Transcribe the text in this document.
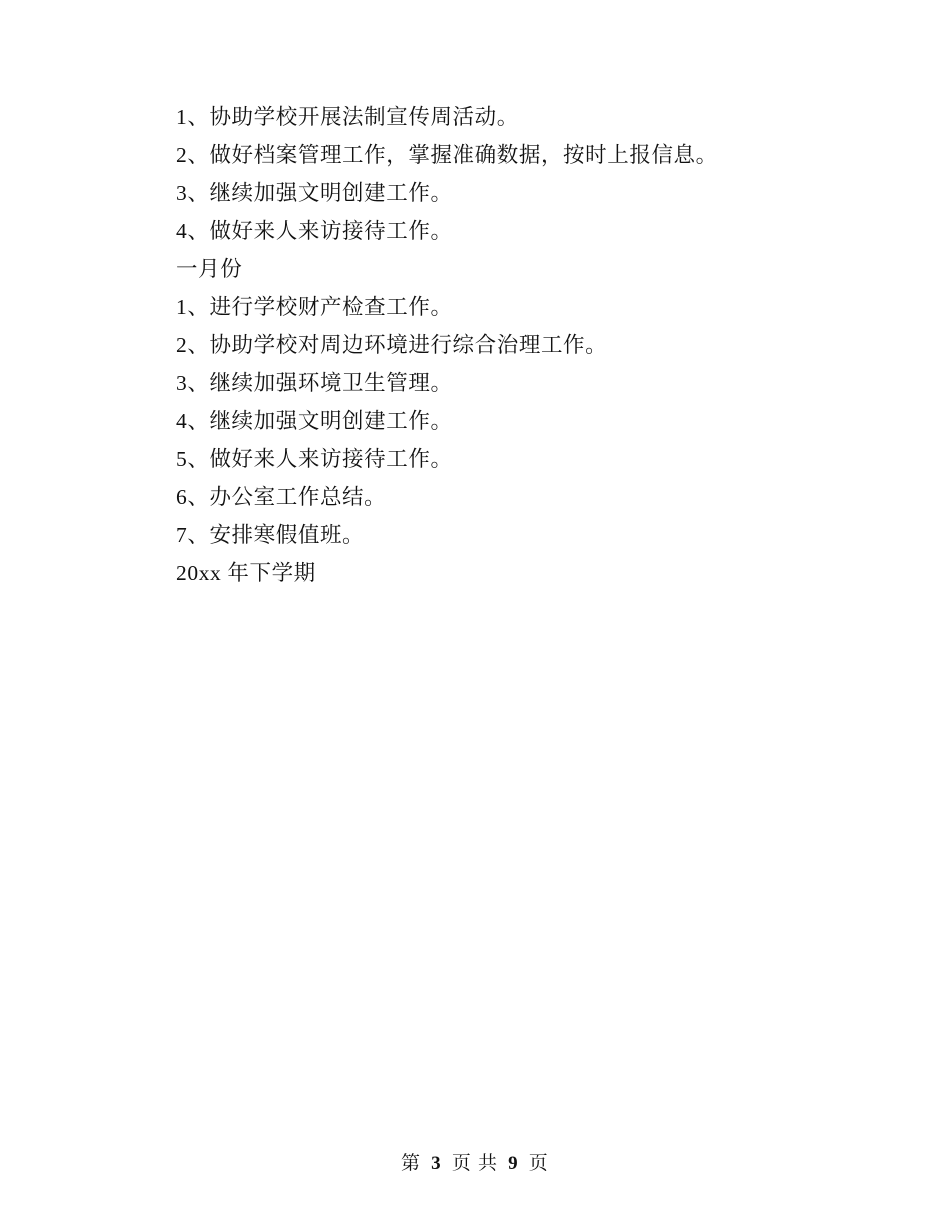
1、协助学校开展法制宣传周活动。
2、做好档案管理工作，掌握准确数据，按时上报信息。
3、继续加强文明创建工作。
4、做好来人来访接待工作。
一月份
1、进行学校财产检查工作。
2、协助学校对周边环境进行综合治理工作。
3、继续加强环境卫生管理。
4、继续加强文明创建工作。
5、做好来人来访接待工作。
6、办公室工作总结。
7、安排寒假值班。
20xx 年下学期
第 3 页 共 9 页
